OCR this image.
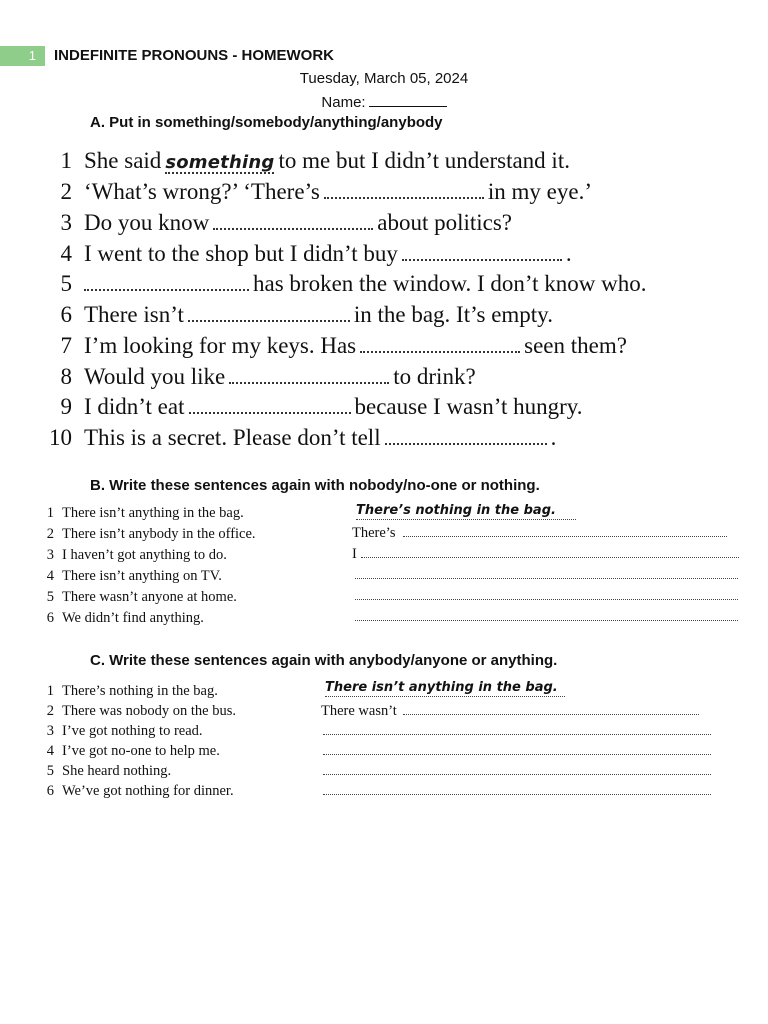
1	INDEFINITE PRONOUNS - HOMEWORK
Tuesday, March 05, 2024
Name:
A. Put in something/somebody/anything/anybody
1 She said something to me but I didn’t understand it.
2 ‘What’s wrong?’ ‘There’s	in my eye.’
3 Do you know	about politics?
4 I went to the shop but I didn’t buy	.
5	has broken the window. I don’t know who.
6 There isn’t	in the bag. It’s empty.
7 I’m looking for my keys. Has	seen them?
8 Would you like	to drink?
9 I didn’t eat	because I wasn’t hungry.
10 This is a secret. Please don’t tell	.
B. Write these sentences again with nobody/no-one or nothing.
1 There isn’t anything in the bag.	There’s nothing in the bag.
2 There isn’t anybody in the office.	There’s
3 I haven’t got anything to do.	I
4 There isn’t anything on TV.
5 There wasn’t anyone at home.
6 We didn’t find anything.
C. Write these sentences again with anybody/anyone or anything.
1 There’s nothing in the bag.	There isn’t anything in the bag.
2 There was nobody on the bus.	There wasn’t
3 I’ve got nothing to read.
4 I’ve got no-one to help me.
5 She heard nothing.
6 We’ve got nothing for dinner.
